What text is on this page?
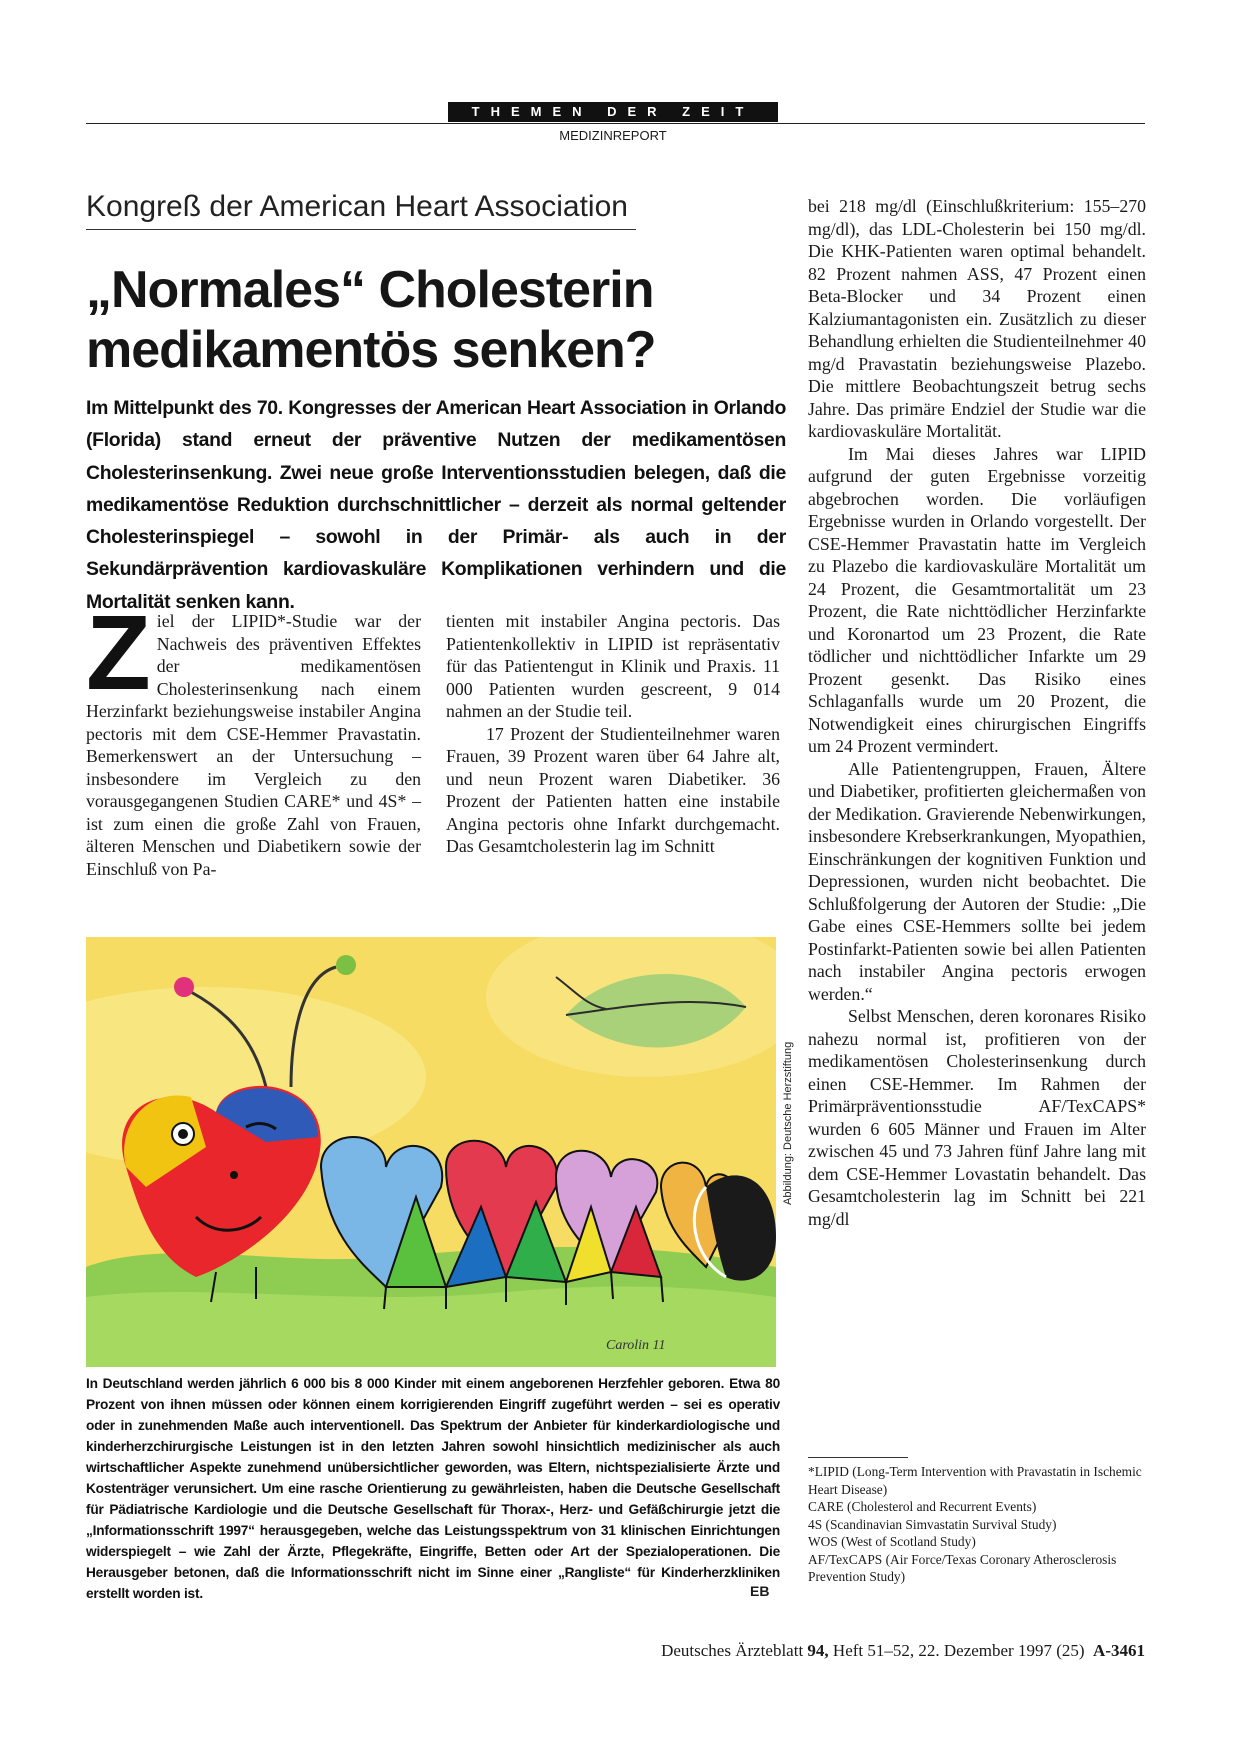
THEMEN DER ZEIT
MEDIZINREPORT
Kongreß der American Heart Association
„Normales“ Cholesterin
medikamentös senken?
Im Mittelpunkt des 70. Kongresses der American Heart Association in Orlando (Florida) stand erneut der präventive Nutzen der medikamentösen Cholesterinsenkung. Zwei neue große Interventionsstudien belegen, daß die medikamentöse Reduktion durchschnittlicher – derzeit als normal geltender Cholesterinspiegel – sowohl in der Primär- als auch in der Sekundärprävention kardiovaskuläre Komplikationen verhindern und die Mortalität senken kann.
Z iel der LIPID*-Studie war der Nachweis des präventiven Effektes der medikamentösen Cholesterinsenkung nach einem Herzinfarkt beziehungsweise instabiler Angina pectoris mit dem CSE-Hemmer Pravastatin. Bemerkenswert an der Untersuchung – insbesondere im Vergleich zu den vorausgegangenen Studien CARE* und 4S* – ist zum einen die große Zahl von Frauen, älteren Menschen und Diabetikern sowie der Einschluß von Pa-

tienten mit instabiler Angina pectoris. Das Patientenkollektiv in LIPID ist repräsentativ für das Patientengut in Klinik und Praxis. 11 000 Patienten wurden gescreent, 9 014 nahmen an der Studie teil.

17 Prozent der Studienteilnehmer waren Frauen, 39 Prozent waren über 64 Jahre alt, und neun Prozent waren Diabetiker. 36 Prozent der Patienten hatten eine instabile Angina pectoris ohne Infarkt durchgemacht. Das Gesamtcholesterin lag im Schnitt

bei 218 mg/dl (Einschlußkriterium: 155–270 mg/dl), das LDL-Cholesterin bei 150 mg/dl. Die KHK-Patienten waren optimal behandelt. 82 Prozent nahmen ASS, 47 Prozent einen Beta-Blocker und 34 Prozent einen Kalziumantagonisten ein. Zusätzlich zu dieser Behandlung erhielten die Studienteilnehmer 40 mg/d Pravastatin beziehungsweise Plazebo. Die mittlere Beobachtungszeit betrug sechs Jahre. Das primäre Endziel der Studie war die kardiovaskuläre Mortalität.

Im Mai dieses Jahres war LIPID aufgrund der guten Ergebnisse vorzeitig abgebrochen worden. Die vorläufigen Ergebnisse wurden in Orlando vorgestellt. Der CSE-Hemmer Pravastatin hatte im Vergleich zu Plazebo die kardiovaskuläre Mortalität um 24 Prozent, die Gesamtmortalität um 23 Prozent, die Rate nichttödlicher Herzinfarkte und Koronartod um 23 Prozent, die Rate tödlicher und nichttödlicher Infarkte um 29 Prozent gesenkt. Das Risiko eines Schlaganfalls wurde um 20 Prozent, die Notwendigkeit eines chirurgischen Eingriffs um 24 Prozent vermindert.

Alle Patientengruppen, Frauen, Ältere und Diabetiker, profitierten gleichermaßen von der Medikation. Gravierende Nebenwirkungen, insbesondere Krebserkrankungen, Myopathien, Einschränkungen der kognitiven Funktion und Depressionen, wurden nicht beobachtet. Die Schlußfolgerung der Autoren der Studie: „Die Gabe eines CSE-Hemmers sollte bei jedem Postinfarkt-Patienten sowie bei allen Patienten nach instabiler Angina pectoris erwogen werden.“

Selbst Menschen, deren koronares Risiko nahezu normal ist, profitieren von der medikamentösen Cholesterinsenkung durch einen CSE-Hemmer. Im Rahmen der Primärpräventionsstudie AF/TexCAPS* wurden 6 605 Männer und Frauen im Alter zwischen 45 und 73 Jahren fünf Jahre lang mit dem CSE-Hemmer Lovastatin behandelt. Das Gesamtcholesterin lag im Schnitt bei 221 mg/dl

Carolin 11
Abbildung: Deutsche Herzstiftung
In Deutschland werden jährlich 6 000 bis 8 000 Kinder mit einem angeborenen Herzfehler geboren. Etwa 80 Prozent von ihnen müssen oder können einem korrigierenden Eingriff zugeführt werden – sei es operativ oder in zunehmenden Maße auch interventionell. Das Spektrum der Anbieter für kinderkardiologische und kinderherzchirurgische Leistungen ist in den letzten Jahren sowohl hinsichtlich medizinischer als auch wirtschaftlicher Aspekte zunehmend unübersichtlicher geworden, was Eltern, nichtspezialisierte Ärzte und Kostenträger verunsichert. Um eine rasche Orientierung zu gewährleisten, haben die Deutsche Gesellschaft für Pädiatrische Kardiologie und die Deutsche Gesellschaft für Thorax-, Herz- und Gefäßchirurgie jetzt die „Informationsschrift 1997“ herausgegeben, welche das Leistungsspektrum von 31 klinischen Einrichtungen widerspiegelt – wie Zahl der Ärzte, Pflegekräfte, Eingriffe, Betten oder Art der Spezialoperationen. Die Herausgeber betonen, daß die Informationsschrift nicht im Sinne einer „Rangliste“ für Kinderherzkliniken erstellt worden ist.	EB
*LIPID (Long-Term Intervention with Pravastatin in Ischemic Heart Disease)
CARE (Cholesterol and Recurrent Events)
4S (Scandinavian Simvastatin Survival Study)
WOS (West of Scotland Study)
AF/TexCAPS (Air Force/Texas Coronary Atherosclerosis Prevention Study)
Deutsches Ärzteblatt 94, Heft 51–52, 22. Dezember 1997 (25) A-3461
